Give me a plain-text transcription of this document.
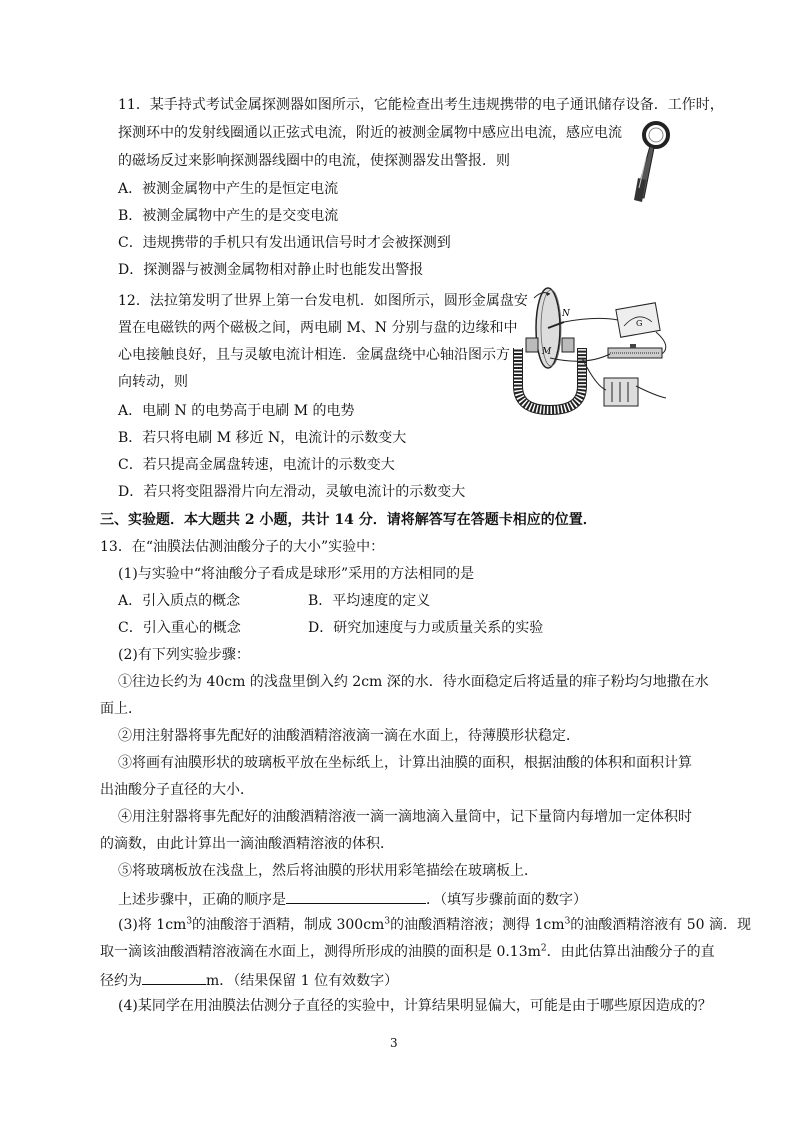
11．某手持式考试金属探测器如图所示，它能检查出考生违规携带的电子通讯储存设备．工作时，
探测环中的发射线圈通以正弦式电流，附近的被测金属物中感应出电流，感应电流
的磁场反过来影响探测器线圈中的电流，使探测器发出警报．则
A．被测金属物中产生的是恒定电流
B．被测金属物中产生的是交变电流
C．违规携带的手机只有发出通讯信号时才会被探测到
D．探测器与被测金属物相对静止时也能发出警报
12．法拉第发明了世界上第一台发电机．如图所示，圆形金属盘安
置在电磁铁的两个磁极之间，两电刷 M、N 分别与盘的边缘和中
心电接触良好，且与灵敏电流计相连．金属盘绕中心轴沿图示方
向转动，则
A．电刷 N 的电势高于电刷 M 的电势
B．若只将电刷 M 移近 N，电流计的示数变大
C．若只提高金属盘转速，电流计的示数变大
D．若只将变阻器滑片向左滑动，灵敏电流计的示数变大
N
M
G
三、实验题．本大题共 2 小题，共计 14 分．请将解答写在答题卡相应的位置．
13．在“油膜法估测油酸分子的大小”实验中：
(1)与实验中“将油酸分子看成是球形”采用的方法相同的是
A．引入质点的概念	B．平均速度的定义
C．引入重心的概念	D．研究加速度与力或质量关系的实验
(2)有下列实验步骤：
①往边长约为 40cm 的浅盘里倒入约 2cm 深的水．待水面稳定后将适量的痱子粉均匀地撒在水
面上．
②用注射器将事先配好的油酸酒精溶液滴一滴在水面上，待薄膜形状稳定．
③将画有油膜形状的玻璃板平放在坐标纸上，计算出油膜的面积，根据油酸的体积和面积计算
出油酸分子直径的大小．
④用注射器将事先配好的油酸酒精溶液一滴一滴地滴入量筒中，记下量筒内每增加一定体积时
的滴数，由此计算出一滴油酸酒精溶液的体积．
⑤将玻璃板放在浅盘上，然后将油膜的形状用彩笔描绘在玻璃板上．
上述步骤中，正确的顺序是	．（填写步骤前面的数字）
(3)将 $1cm^3$的油酸溶于酒精，制成 $300cm^3$的油酸酒精溶液；测得 $1cm^3$的油酸酒精溶液有 50 滴．现
取一滴该油酸酒精溶液滴在水面上，测得所形成的油膜的面积是 $0.13m^2$．由此估算出油酸分子的直
径约为	m．（结果保留 1 位有效数字）
(4)某同学在用油膜法估测分子直径的实验中，计算结果明显偏大，可能是由于哪些原因造成的？
3
